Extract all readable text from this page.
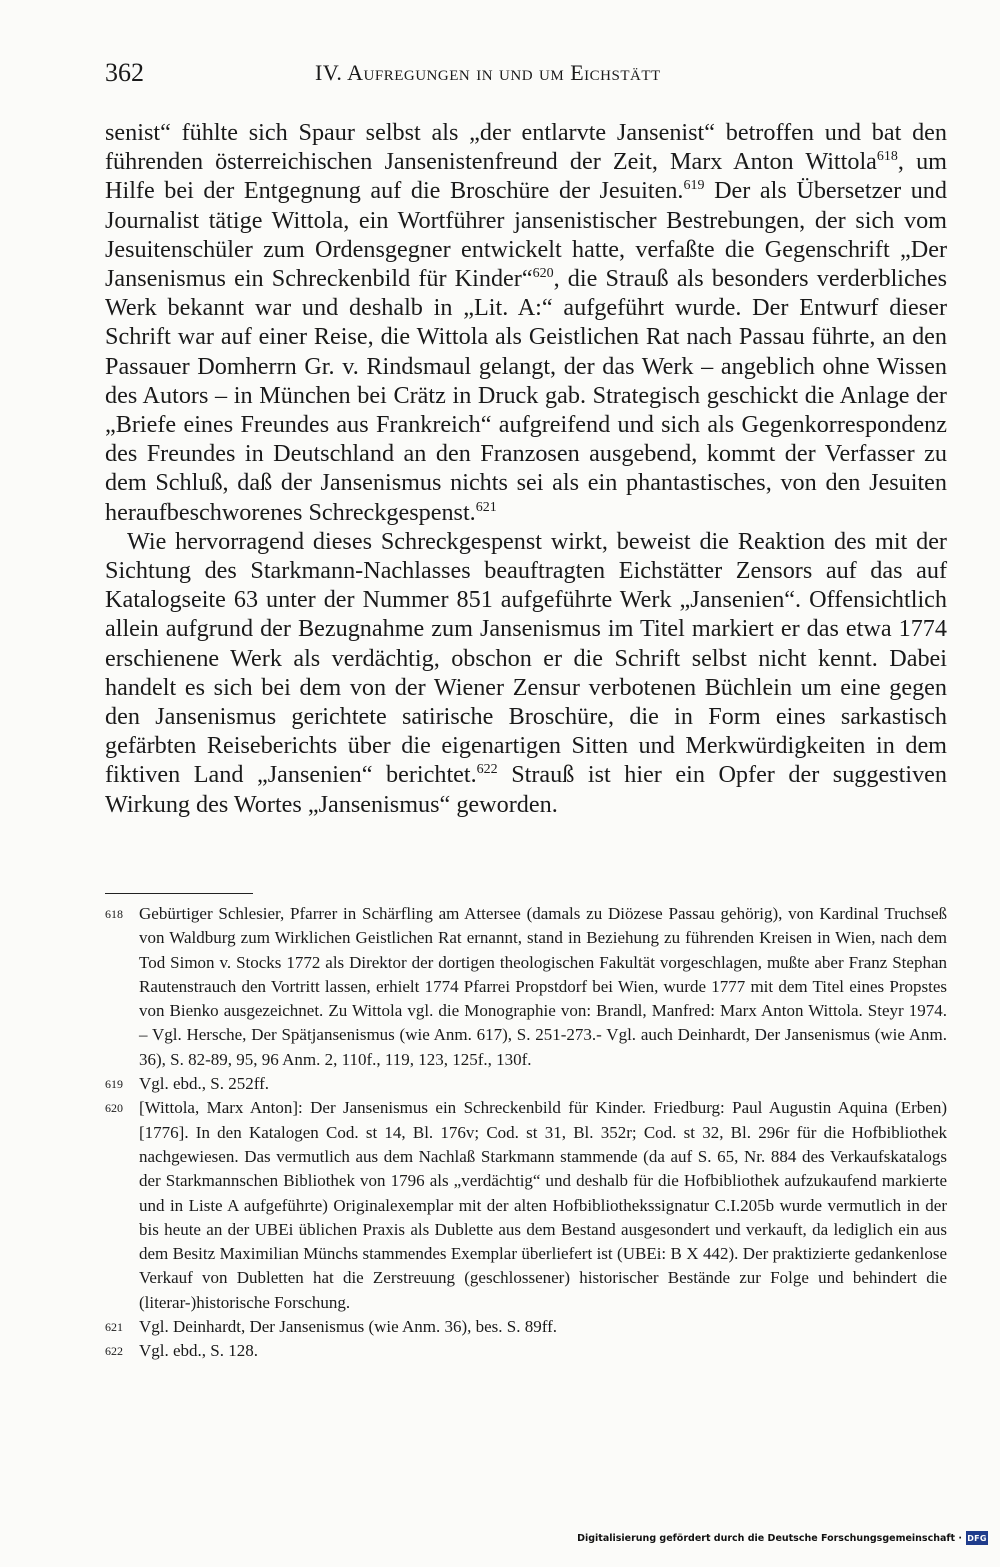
362	IV. Aufregungen in und um Eichstätt

senist“ fühlte sich Spaur selbst als „der entlarvte Jansenist“ betroffen und bat den führenden österreichischen Jansenistenfreund der Zeit, Marx Anton Wittola$^{618}$, um Hilfe bei der Entgegnung auf die Broschüre der Jesuiten.$^{619}$ Der als Übersetzer und Journalist tätige Wittola, ein Wortführer jansenistischer Bestrebungen, der sich vom Jesuitenschüler zum Ordensgegner entwickelt hatte, verfaßte die Gegenschrift „Der Jansenismus ein Schreckenbild für Kinder“$^{620}$, die Strauß als besonders verderbliches Werk bekannt war und deshalb in „Lit. A:“ aufgeführt wurde. Der Entwurf dieser Schrift war auf einer Reise, die Wittola als Geistlichen Rat nach Passau führte, an den Passauer Domherrn Gr. v. Rindsmaul gelangt, der das Werk – angeblich ohne Wissen des Autors – in München bei Crätz in Druck gab. Strategisch geschickt die Anlage der „Briefe eines Freundes aus Frankreich“ aufgreifend und sich als Gegenkorrespondenz des Freundes in Deutschland an den Franzosen ausgebend, kommt der Verfasser zu dem Schluß, daß der Jansenismus nichts sei als ein phantastisches, von den Jesuiten heraufbeschworenes Schreckgespenst.$^{621}$

Wie hervorragend dieses Schreckgespenst wirkt, beweist die Reaktion des mit der Sichtung des Starkmann-Nachlasses beauftragten Eichstätter Zensors auf das auf Katalogseite 63 unter der Nummer 851 aufgeführte Werk „Jansenien“. Offensichtlich allein aufgrund der Bezugnahme zum Jansenismus im Titel markiert er das etwa 1774 erschienene Werk als verdächtig, obschon er die Schrift selbst nicht kennt. Dabei handelt es sich bei dem von der Wiener Zensur verbotenen Büchlein um eine gegen den Jansenismus gerichtete satirische Broschüre, die in Form eines sarkastisch gefärbten Reiseberichts über die eigenartigen Sitten und Merkwürdigkeiten in dem fiktiven Land „Jansenien“ berichtet.$^{622}$ Strauß ist hier ein Opfer der suggestiven Wirkung des Wortes „Jansenismus“ geworden.

618 Gebürtiger Schlesier, Pfarrer in Schärfling am Attersee (damals zu Diözese Passau gehörig), von Kardinal Truchseß von Waldburg zum Wirklichen Geistlichen Rat ernannt, stand in Beziehung zu führenden Kreisen in Wien, nach dem Tod Simon v. Stocks 1772 als Direktor der dortigen theologischen Fakultät vorgeschlagen, mußte aber Franz Stephan Rautenstrauch den Vortritt lassen, erhielt 1774 Pfarrei Propstdorf bei Wien, wurde 1777 mit dem Titel eines Propstes von Bienko ausgezeichnet. Zu Wittola vgl. die Monographie von: Brandl, Manfred: Marx Anton Wittola. Steyr 1974. – Vgl. Hersche, Der Spätjansenismus (wie Anm. 617), S. 251-273.- Vgl. auch Deinhardt, Der Jansenismus (wie Anm. 36), S. 82-89, 95, 96 Anm. 2, 110f., 119, 123, 125f., 130f.
619 Vgl. ebd., S. 252ff.
620 [Wittola, Marx Anton]: Der Jansenismus ein Schreckenbild für Kinder. Friedburg: Paul Augustin Aquina (Erben) [1776]. In den Katalogen Cod. st 14, Bl. 176v; Cod. st 31, Bl. 352r; Cod. st 32, Bl. 296r für die Hofbibliothek nachgewiesen. Das vermutlich aus dem Nachlaß Starkmann stammende (da auf S. 65, Nr. 884 des Verkaufskatalogs der Starkmannschen Bibliothek von 1796 als „verdächtig“ und deshalb für die Hofbibliothek aufzukaufend markierte und in Liste A aufgeführte) Originalexemplar mit der alten Hofbibliothekssignatur C.I.205b wurde vermutlich in der bis heute an der UBEi üblichen Praxis als Dublette aus dem Bestand ausgesondert und verkauft, da lediglich ein aus dem Besitz Maximilian Münchs stammendes Exemplar überliefert ist (UBEi: B X 442). Der praktizierte gedankenlose Verkauf von Dubletten hat die Zerstreuung (geschlossener) historischer Bestände zur Folge und behindert die (literar-)historische Forschung.
621 Vgl. Deinhardt, Der Jansenismus (wie Anm. 36), bes. S. 89ff.
622 Vgl. ebd., S. 128.
Digitalisierung gefördert durch die Deutsche Forschungsgemeinschaft · DFG
